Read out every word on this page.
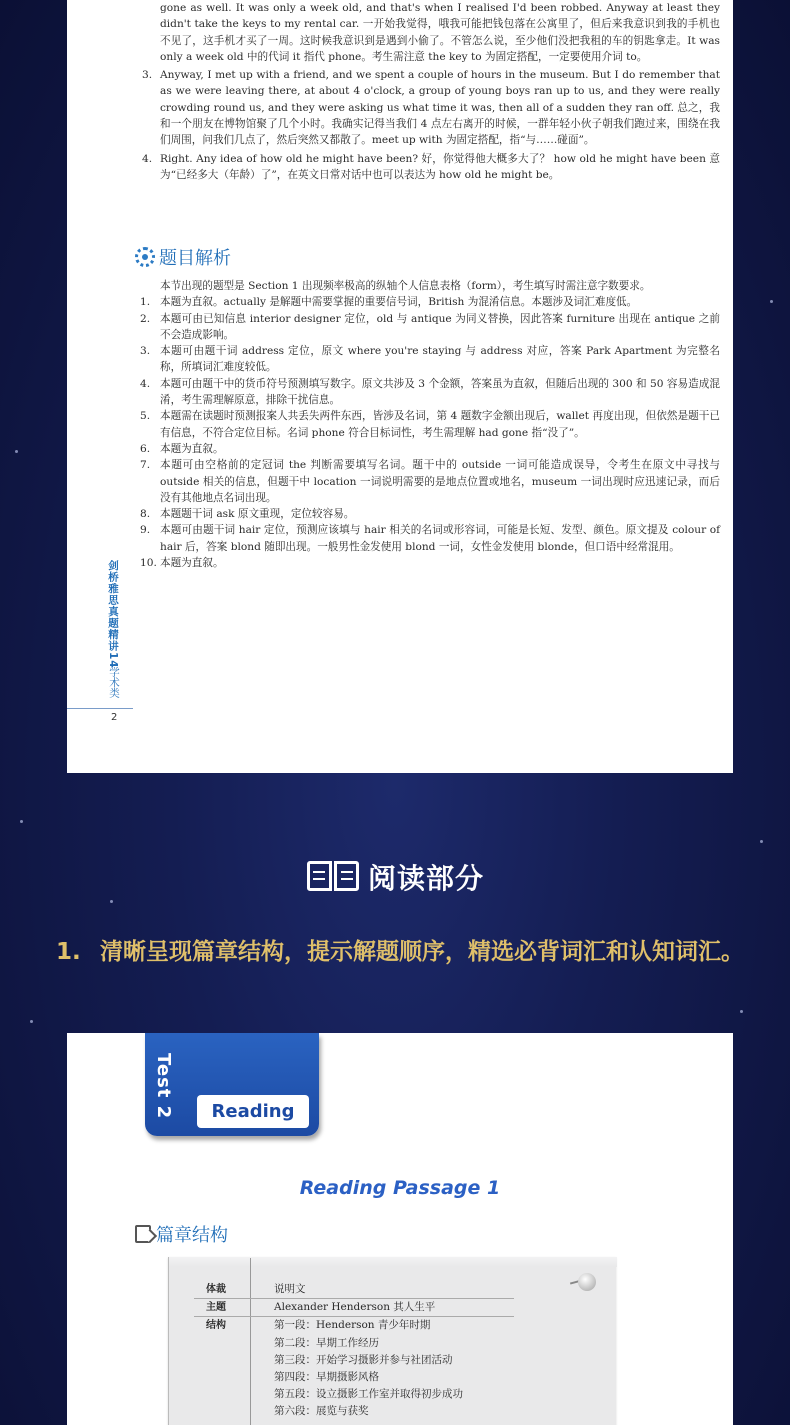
gone as well. It was only a week old, and that's when I realised I'd been robbed. Anyway at least they didn't take the keys to my rental car. 一开始我觉得，哦我可能把钱包落在公寓里了，但后来我意识到我的手机也不见了，这手机才买了一周。这时候我意识到是遇到小偷了。不管怎么说，至少他们没把我租的车的钥匙拿走。It was only a week old 中的代词 it 指代 phone。考生需注意 the key to 为固定搭配，一定要使用介词 to。

3. Anyway, I met up with a friend, and we spent a couple of hours in the museum. But I do remember that as we were leaving there, at about 4 o'clock, a group of young boys ran up to us, and they were really crowding round us, and they were asking us what time it was, then all of a sudden they ran off. 总之，我和一个朋友在博物馆聚了几个小时。我确实记得当我们 4 点左右离开的时候，一群年轻小伙子朝我们跑过来，围绕在我们周围，问我们几点了，然后突然又都散了。meet up with 为固定搭配，指“与……碰面”。
4. Right. Any idea of how old he might have been? 好，你觉得他大概多大了？ how old he might have been 意为“已经多大（年龄）了”，在英文日常对话中也可以表达为 how old he might be。
题目解析
本节出现的题型是 Section 1 出现频率极高的纵轴个人信息表格（form），考生填写时需注意字数要求。
1. 本题为直叙。actually 是解题中需要掌握的重要信号词，British 为混淆信息。本题涉及词汇难度低。
2. 本题可由已知信息 interior designer 定位，old 与 antique 为同义替换，因此答案 furniture 出现在 antique 之前不会造成影响。
3. 本题可由题干词 address 定位，原文 where you're staying 与 address 对应，答案 Park Apartment 为完整名称，所填词汇难度较低。
4. 本题可由题干中的货币符号预测填写数字。原文共涉及 3 个金额，答案虽为直叙，但随后出现的 300 和 50 容易造成混淆，考生需理解原意，排除干扰信息。
5. 本题需在读题时预测报案人共丢失两件东西，皆涉及名词，第 4 题数字金额出现后，wallet 再度出现，但依然是题干已有信息，不符合定位目标。名词 phone 符合目标词性，考生需理解 had gone 指“没了”。
6. 本题为直叙。
7. 本题可由空格前的定冠词 the 判断需要填写名词。题干中的 outside 一词可能造成误导，令考生在原文中寻找与 outside 相关的信息，但题干中 location 一词说明需要的是地点位置或地名，museum 一词出现时应迅速记录，而后没有其他地点名词出现。
8. 本题题干词 ask 原文重现，定位较容易。
9. 本题可由题干词 hair 定位，预测应该填与 hair 相关的名词或形容词，可能是长短、发型、颜色。原文提及 colour of hair 后，答案 blond 随即出现。一般男性金发使用 blond 一词，女性金发使用 blonde，但口语中经常混用。
10. 本题为直叙。
剑桥雅思真题精讲14
·学术类
2
阅读部分
1. 清晰呈现篇章结构，提示解题顺序，精选必背词汇和认知词汇。
Test 2	Reading
Reading Passage 1
篇章结构
体裁	说明文
主题	Alexander Henderson 其人生平
结构	第一段：Henderson 青少年时期
第二段：早期工作经历
第三段：开始学习摄影并参与社团活动
第四段：早期摄影风格
第五段：设立摄影工作室并取得初步成功
第六段：展览与获奖
